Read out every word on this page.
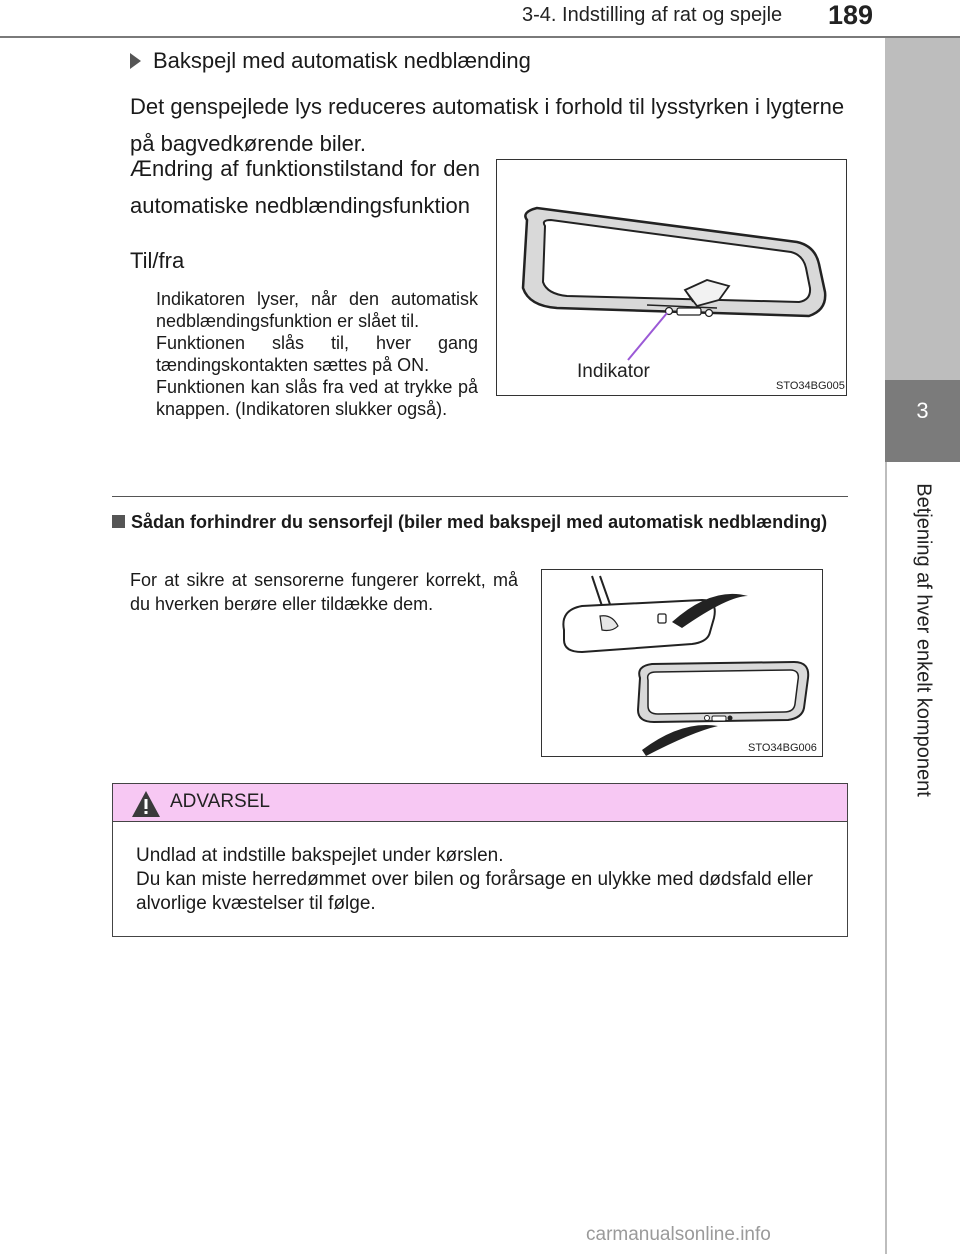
3-4. Indstilling af rat og spejle 189
3
Betjening af hver enkelt komponent
Bakspejl med automatisk nedblænding
Det genspejlede lys reduceres automatisk i forhold til lysstyrken i lygterne på bagvedkørende biler.
Ændring af funktionstilstand for den automatiske nedblændingsfunktion
Til/fra

Indikatoren lyser, når den automatisk nedblændingsfunktion er slået til.

Funktionen slås til, hver gang tændingskontakten sættes på ON.

Funktionen kan slås fra ved at trykke på knappen. (Indikatoren slukker også).

Indikator
STO34BG005
Sådan forhindrer du sensorfejl (biler med bakspejl med automatisk nedblænding)
For at sikre at sensorerne fungerer korrekt, må du hverken berøre eller tildække dem.
STO34BG006
ADVARSEL

Undlad at indstille bakspejlet under kørslen.

Du kan miste herredømmet over bilen og forårsage en ulykke med dødsfald eller alvorlige kvæstelser til følge.

carmanualsonline.info
